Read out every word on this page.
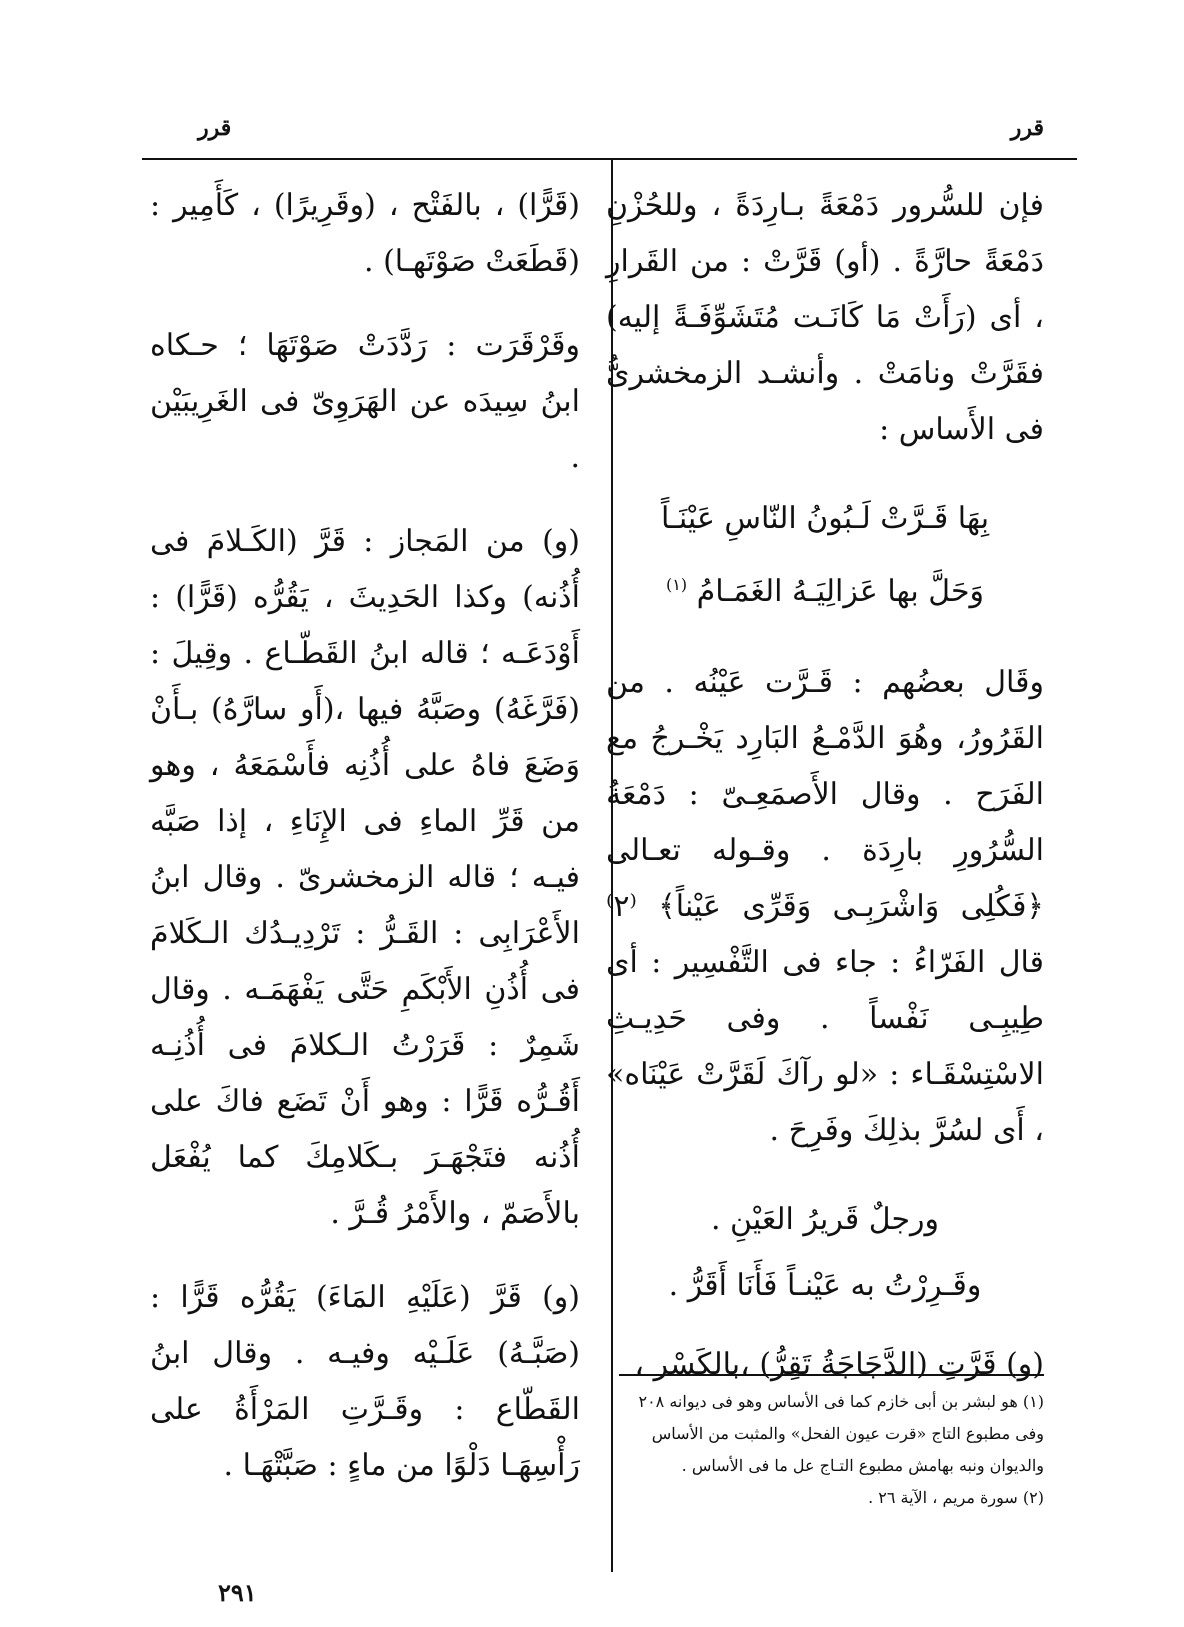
قرر
قرر

فإن للسُّرور دَمْعَةً بـارِدَةً ، وللحُزْنِ دَمْعَةً حارَّةً . (أو) قَرَّتْ : من القَرارِ ، أى (رَأَتْ مَا كَانَـت مُتَشَوِّفَـةً إليه) فقَرَّتْ ونامَتْ . وأنشـد الزمخشرىُّ فى الأَساس :

بِهَا قَـرَّتْ لَـبُونُ النّاسِ عَيْنَـاً

وَحَلَّ بها عَزالِيَـهُ الغَمَـامُ $^{(١)}$

وقَال بعضُهم : قَـرَّت عَيْنُه . من القَرُورُ، وهُوَ الدَّمْـعُ البَارِد يَخْـرجُ مع الفَرَح . وقال الأَصمَعِـىّ : دَمْعَةُ السُّرُورِ بارِدَة . وقـوله تعـالى ﴿فَكُلِى وَاشْرَبِـى وَقَرِّى عَيْناً﴾ ⁽٢⁾ قال الفَرّاءُ : جاء فى التَّفْسِير : أى طِيبِـى نَفْساً . وفى حَدِيـثِ الاسْتِسْقَـاء : «لو رآكَ لَقَرَّتْ عَيْنَاه» ، أَى لسُرَّ بذلِكَ وفَرِحَ .

ورجلٌ قَريرُ العَيْنِ .

وقَـرِرْتُ به عَيْنـاً فَأَنَا أَقَرُّ .

(و) قَرَّتِ (الدَّجَاجَةُ تَقِرُّ) ،بالكَسْر ،

(قَرًّا) ، بالفَتْح ، (وقَرِيرًا) ، كَأَمِير : (قَطَعَتْ صَوْتَهـا) .

وقَرْقَرَت : رَدَّدَتْ صَوْتَهَا ؛ حـكاه ابنُ سِيدَه عن الهَرَوِىّ فى الغَرِيبَيْن .

(و) من المَجاز : قَرَّ (الكَـلامَ فى أُذُنه) وكذا الحَدِيثَ ، يَقُرُّه (قَرًّا) : أَوْدَعَـه ؛ قاله ابنُ القَطّـاع . وقِيلَ : (فَرَّغَهُ) وصَبَّهُ فيها ،(أَو سارَّهُ) بـأَنْ وَضَعَ فاهُ على أُذُنِه فأَسْمَعَهُ ، وهو من قَرِّ الماءِ فى الإِنَاءِ ، إذا صَبَّه فيـه ؛ قاله الزمخشرىّ . وقال ابنُ الأَعْرَابِى : القَـرُّ : تَرْدِيـدُك الـكَلامَ فى أُذُنِ الأَبْكَمِ حَتَّى يَفْهَمَـه . وقال شَمِرٌ : قَرَرْتُ الـكلامَ فى أُذُنِـه أَقُـرُّه قَرًّا : وهو أَنْ تَضَع فاكَ على أُذُنه فتَجْهَـرَ بـكَلامِكَ كما يُفْعَل بالأَصَمّ ، والأَمْرُ قُـرَّ .

(و) قَرَّ (عَلَيْهِ المَاءَ) يَقُرُّه قَرًّا : (صَبَّـهُ) عَلَـيْه وفيـه . وقال ابنُ القَطّاع : وقَـرَّتِ المَرْأَةُ على رَأْسِهَـا دَلْوًا من ماءٍ : صَبَّتْهَـا .

(١) هو لبشر بن أبى خازم كما فى الأساس وهو فى ديوانه ٢٠٨ وفى مطبوع التاج «قرت عيون الفحل» والمثبت من الأساس والديوان ونبه بهامش مطبوع التـاج عل ما فى الأساس .

(٢) سورة مريم ، الآية ٢٦ .

٢٩١
